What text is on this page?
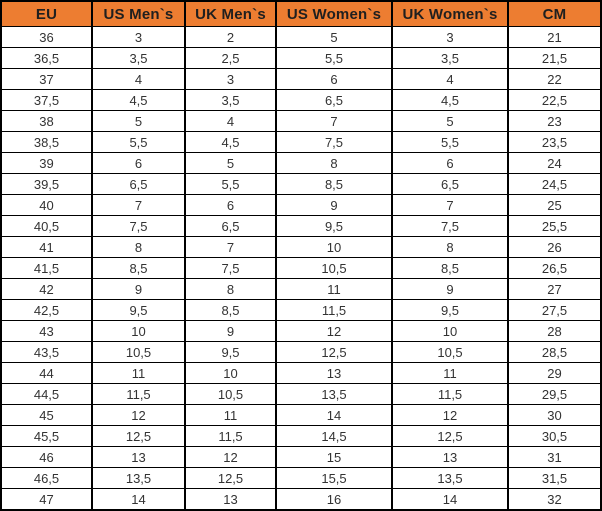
EU	US Men`s	UK Men`s	US Women`s	UK Women`s	CM
36	3	2	5	3	21
36,5	3,5	2,5	5,5	3,5	21,5
37	4	3	6	4	22
37,5	4,5	3,5	6,5	4,5	22,5
38	5	4	7	5	23
38,5	5,5	4,5	7,5	5,5	23,5
39	6	5	8	6	24
39,5	6,5	5,5	8,5	6,5	24,5
40	7	6	9	7	25
40,5	7,5	6,5	9,5	7,5	25,5
41	8	7	10	8	26
41,5	8,5	7,5	10,5	8,5	26,5
42	9	8	11	9	27
42,5	9,5	8,5	11,5	9,5	27,5
43	10	9	12	10	28
43,5	10,5	9,5	12,5	10,5	28,5
44	11	10	13	11	29
44,5	11,5	10,5	13,5	11,5	29,5
45	12	11	14	12	30
45,5	12,5	11,5	14,5	12,5	30,5
46	13	12	15	13	31
46,5	13,5	12,5	15,5	13,5	31,5
47	14	13	16	14	32
